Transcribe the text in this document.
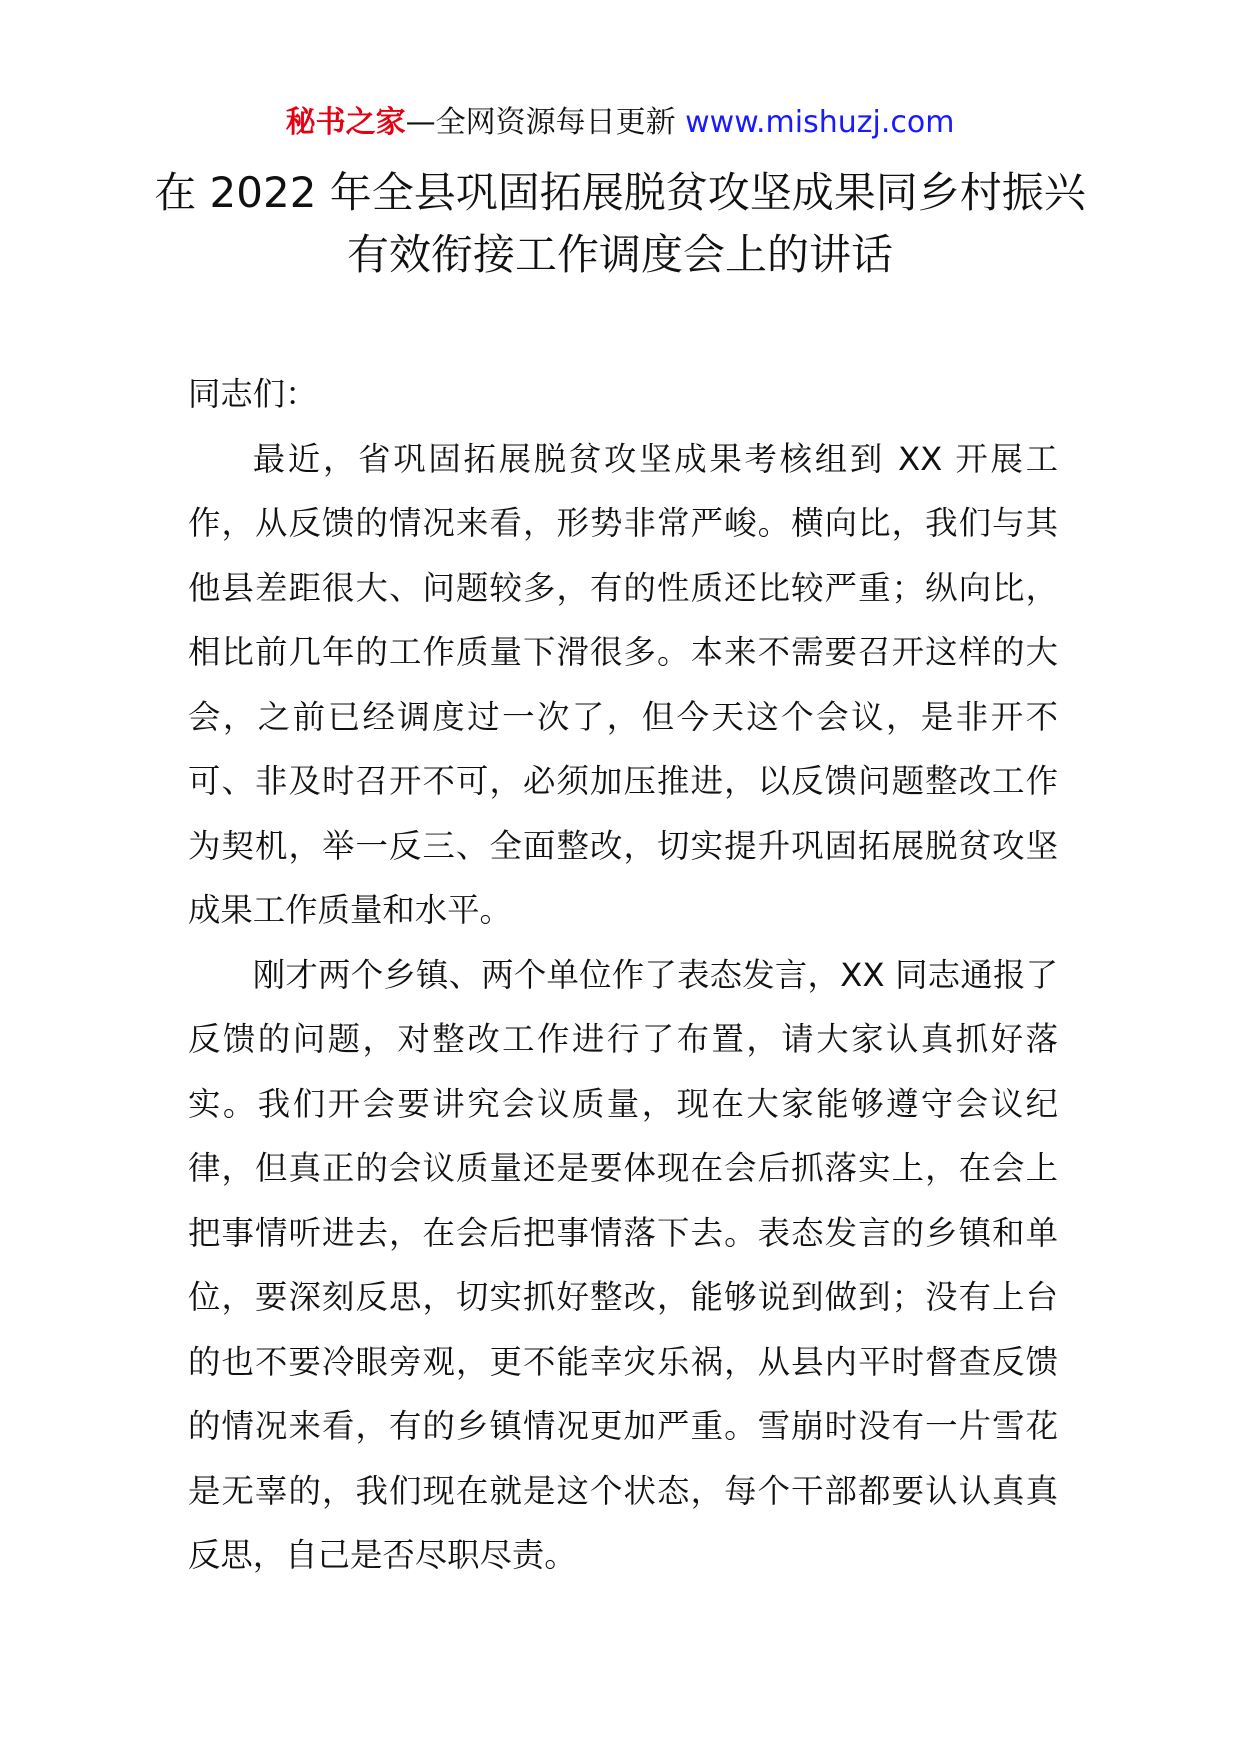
秘书之家—全网资源每日更新 www.mishuzj.com
在 2022 年全县巩固拓展脱贫攻坚成果同乡村振兴有效衔接工作调度会上的讲话

同志们：

最近，省巩固拓展脱贫攻坚成果考核组到 XX 开展工作，从反馈的情况来看，形势非常严峻。横向比，我们与其他县差距很大、问题较多，有的性质还比较严重；纵向比，相比前几年的工作质量下滑很多。本来不需要召开这样的大会，之前已经调度过一次了，但今天这个会议，是非开不可、非及时召开不可，必须加压推进，以反馈问题整改工作为契机，举一反三、全面整改，切实提升巩固拓展脱贫攻坚成果工作质量和水平。

刚才两个乡镇、两个单位作了表态发言，XX 同志通报了反馈的问题，对整改工作进行了布置，请大家认真抓好落实。我们开会要讲究会议质量，现在大家能够遵守会议纪律，但真正的会议质量还是要体现在会后抓落实上，在会上把事情听进去，在会后把事情落下去。表态发言的乡镇和单位，要深刻反思，切实抓好整改，能够说到做到；没有上台的也不要冷眼旁观，更不能幸灾乐祸，从县内平时督查反馈的情况来看，有的乡镇情况更加严重。雪崩时没有一片雪花是无辜的，我们现在就是这个状态，每个干部都要认认真真反思，自己是否尽职尽责。
